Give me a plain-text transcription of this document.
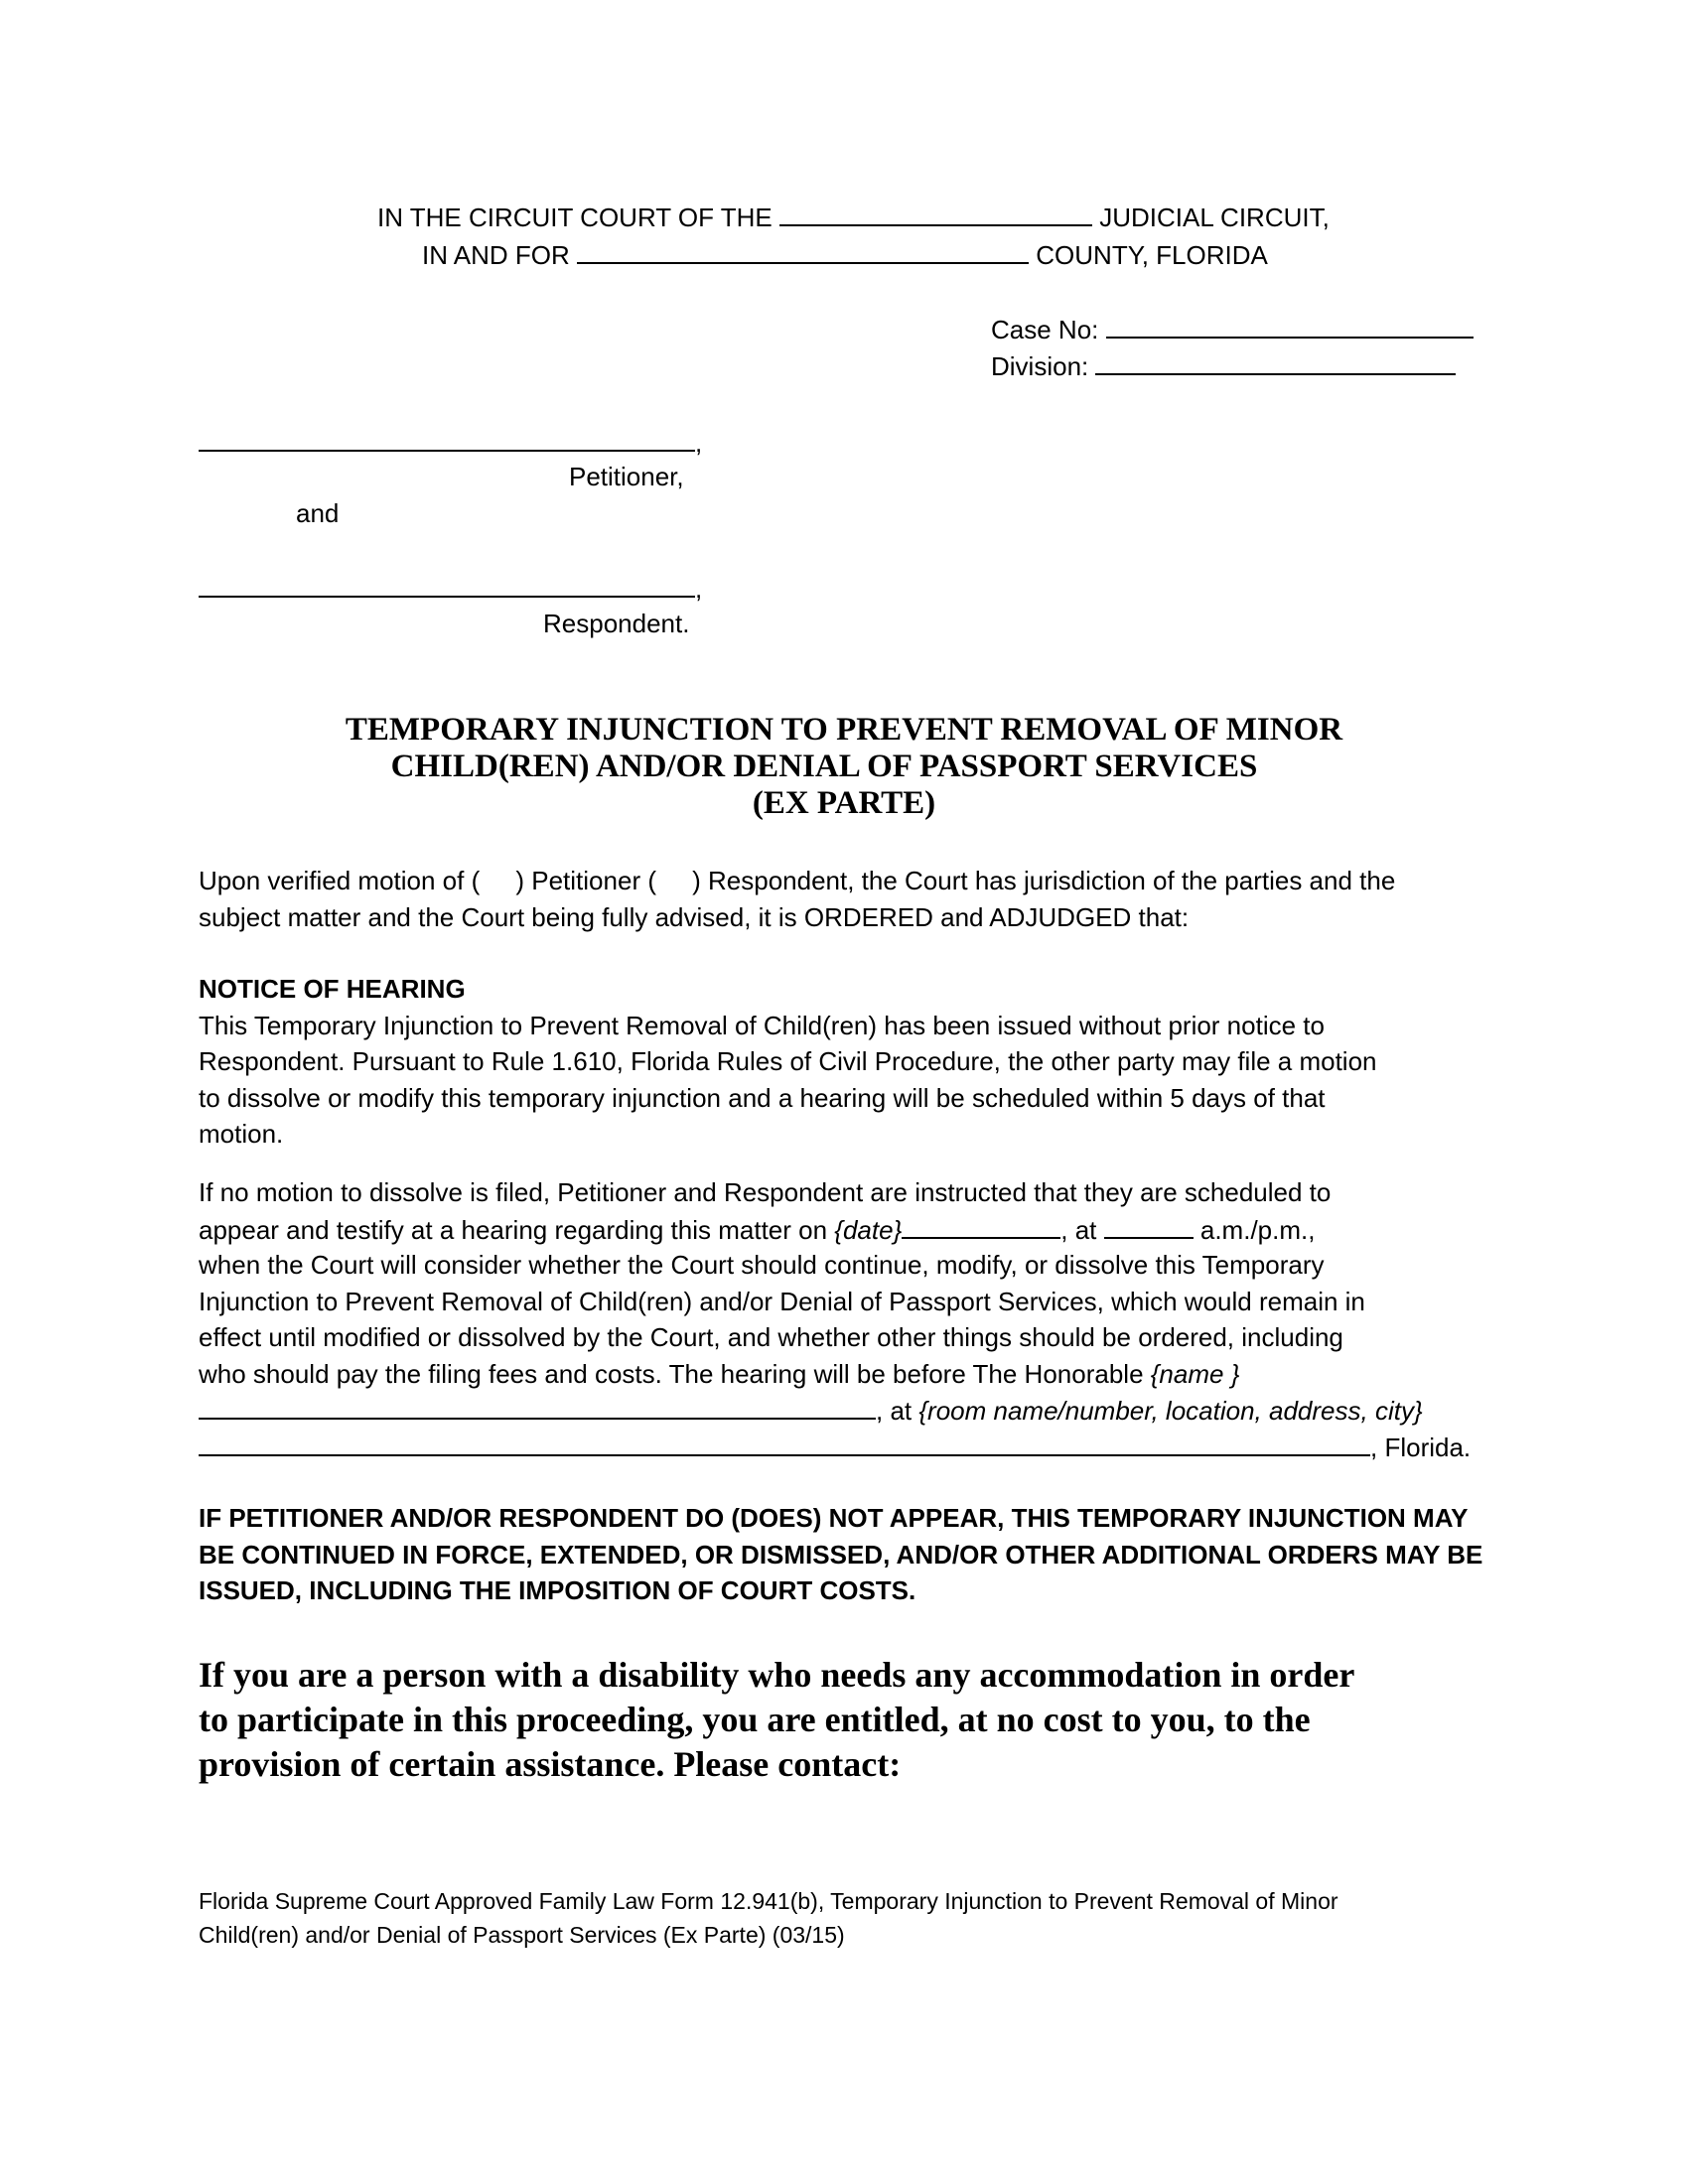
IN THE CIRCUIT COURT OF THE	JUDICIAL CIRCUIT,
IN AND FOR	COUNTY, FLORIDA
Case No:
Division:
,
Petitioner,
and
,
Respondent.
TEMPORARY INJUNCTION TO PREVENT REMOVAL OF MINOR
CHILD(REN) AND/OR DENIAL OF PASSPORT SERVICES
(EX PARTE)
Upon verified motion of ( ) Petitioner ( ) Respondent, the Court has jurisdiction of the parties and the
subject matter and the Court being fully advised, it is ORDERED and ADJUDGED that:
NOTICE OF HEARING
This Temporary Injunction to Prevent Removal of Child(ren) has been issued without prior notice to
Respondent. Pursuant to Rule 1.610, Florida Rules of Civil Procedure, the other party may file a motion
to dissolve or modify this temporary injunction and a hearing will be scheduled within 5 days of that
motion.
If no motion to dissolve is filed, Petitioner and Respondent are instructed that they are scheduled to
appear and testify at a hearing regarding this matter on {date}	, at	a.m./p.m.,
when the Court will consider whether the Court should continue, modify, or dissolve this Temporary
Injunction to Prevent Removal of Child(ren) and/or Denial of Passport Services, which would remain in
effect until modified or dissolved by the Court, and whether other things should be ordered, including
who should pay the filing fees and costs. The hearing will be before The Honorable {name }
, at {room name/number, location, address, city}
, Florida.
IF PETITIONER AND/OR RESPONDENT DO (DOES) NOT APPEAR, THIS TEMPORARY INJUNCTION MAY
BE CONTINUED IN FORCE, EXTENDED, OR DISMISSED, AND/OR OTHER ADDITIONAL ORDERS MAY BE
ISSUED, INCLUDING THE IMPOSITION OF COURT COSTS.
If you are a person with a disability who needs any accommodation in order
to participate in this proceeding, you are entitled, at no cost to you, to the
provision of certain assistance. Please contact:
Florida Supreme Court Approved Family Law Form 12.941(b), Temporary Injunction to Prevent Removal of Minor
Child(ren) and/or Denial of Passport Services (Ex Parte) (03/15)
